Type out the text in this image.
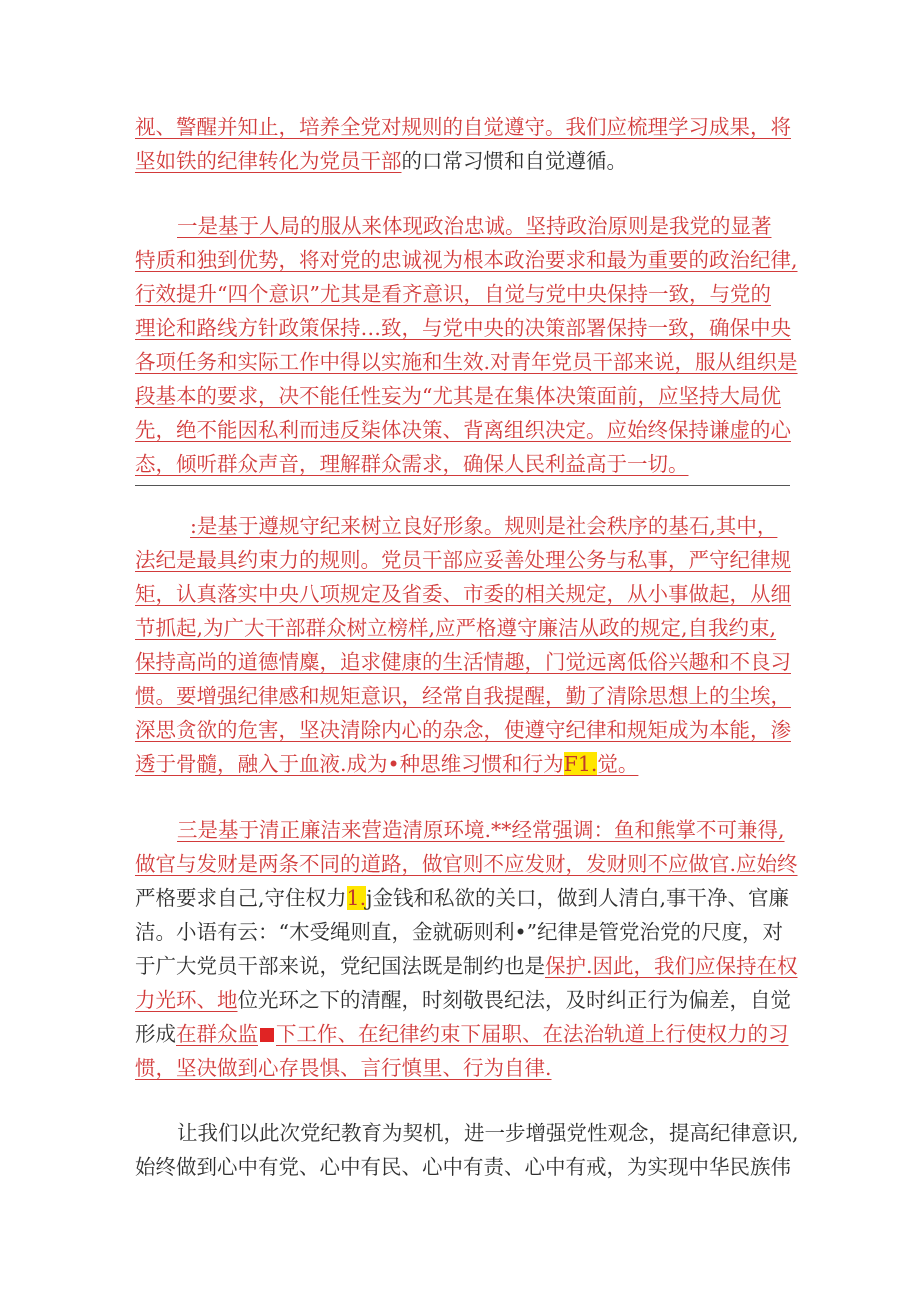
视、警醒并知止，培养全党对规则的自觉遵守。我们应梳理学习成果，将
坚如铁的纪律转化为党员干部的口常习惯和自觉遵循。
一是基于人局的服从来体现政治忠诚。坚持政治原则是我党的显著
特质和独到优势，将对党的忠诚视为根本政治要求和最为重要的政治纪律,
行效提升“四个意识”尤其是看齐意识，自觉与党中央保持一致，与党的
理论和路线方针政策保持…致，与党中央的决策部署保持一致，确保中央
各项任务和实际工作中得以实施和生效.对青年党员干部来说，服从组织是
段基本的要求，决不能任性妄为“尤其是在集体决策面前，应坚持大局优
先，绝不能因私利而违反柒体决策、背离组织决定。应始终保持谦虚的心
态，倾听群众声音，理解群众需求，确保人民利益高于一切。
:是基于遵规守纪来树立良好形象。规则是社会秩序的基石,其中，
法纪是最具约束力的规则。党员干部应妥善处理公务与私事，严守纪律规
矩，认真落实中央八项规定及省委、市委的相关规定，从小事做起，从细
节抓起,为广大干部群众树立榜样,应严格遵守廉洁从政的规定,自我约束,
保持高尚的道德情麋，追求健康的生活情趣，门觉远离低俗兴趣和不良习
惯。要增强纪律感和规矩意识，经常自我提醒，勤了清除思想上的尘埃，
深思贪欲的危害，坚决清除内心的杂念，使遵守纪律和规矩成为本能，渗
透于骨髓，融入于血液.成为•种思维习惯和行为F1.觉。
三是基于清正廉洁来营造清原环境.**经常强调：鱼和熊掌不可兼得,
做官与发财是两条不同的道路，做官则不应发财，发财则不应做官.应始终
严格要求自己,守住权力1.j金钱和私欲的关口，做到人清白,事干净、官廉
洁。小语有云：“木受绳则直，金就砺则利•”纪律是管党治党的尺度，对
于广大党员干部来说，党纪国法既是制约也是保护.因此，我们应保持在权
力光环、地位光环之下的清醒，时刻敬畏纪法，及时纠正行为偏差，自觉
形成在群众监 下工作、在纪律约束下届职、在法治轨道上行使权力的习
惯，坚决做到心存畏惧、言行慎里、行为自律.
让我们以此次党纪教育为契机，进一步增强党性观念，提高纪律意识,
始终做到心中有党、心中有民、心中有责、心中有戒，为实现中华民族伟
